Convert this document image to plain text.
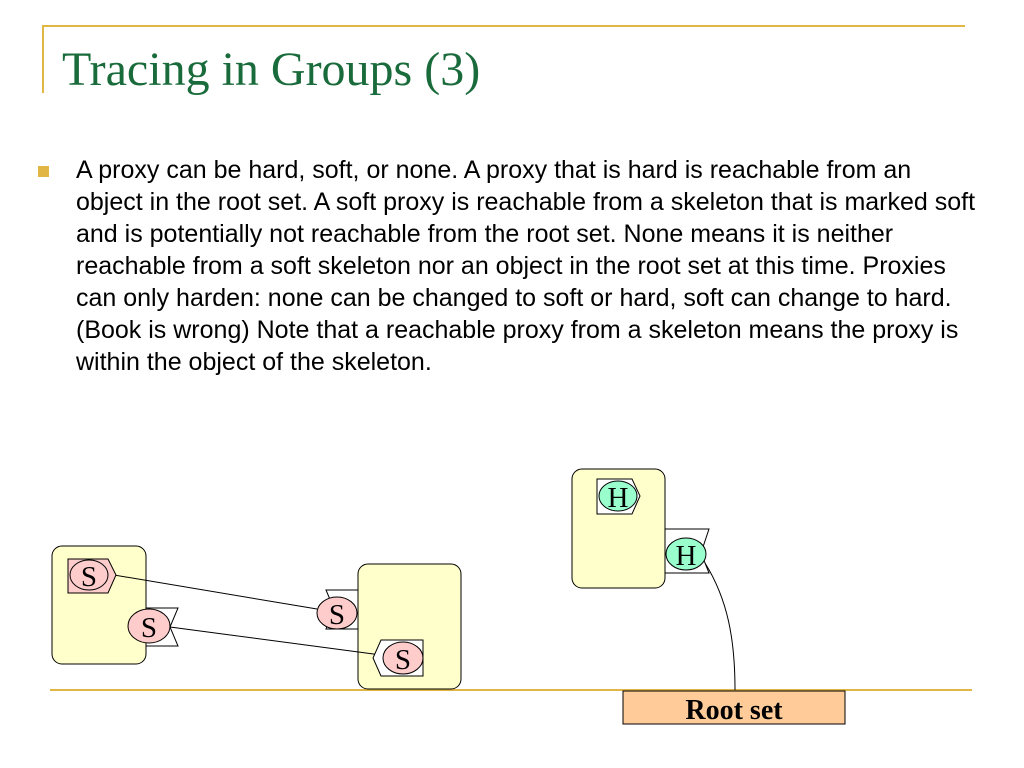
Tracing in Groups (3)

A proxy can be hard, soft, or none. A proxy that is hard is reachable from an object in the root set. A soft proxy is reachable from a skeleton that is marked soft and is potentially not reachable from the root set. None means it is neither reachable from a soft skeleton nor an object in the root set at this time. Proxies can only harden: none can be changed to soft or hard, soft can change to hard. (Book is wrong) Note that a reachable proxy from a skeleton means the proxy is within the object of the skeleton.

S
S	S
S
H
H
Root set
